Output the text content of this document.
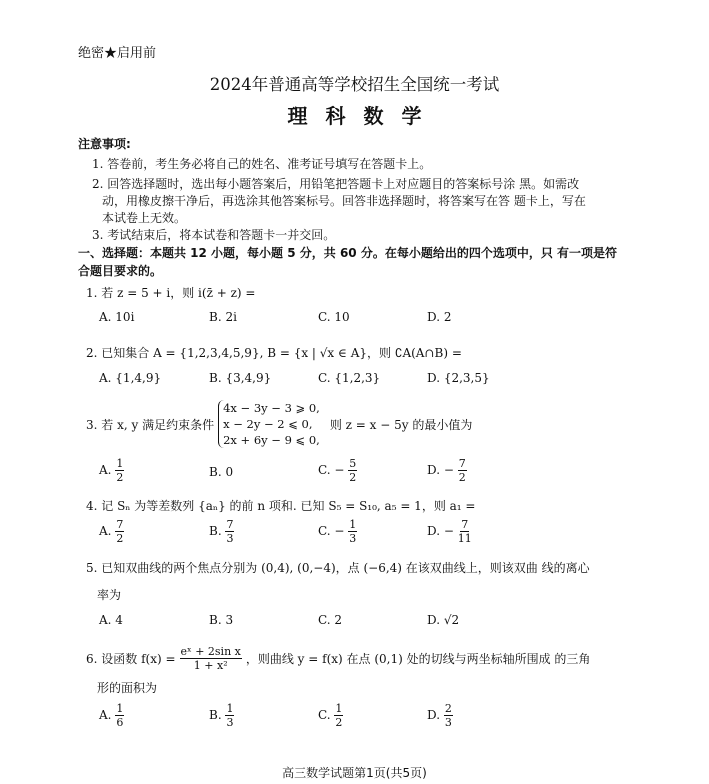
绝密★启用前
2024年普通高等学校招生全国统一考试
理科数学
注意事项:
1. 答卷前，考生务必将自己的姓名、准考证号填写在答题卡上。
2. 回答选择题时，选出每小题答案后，用铅笔把答题卡上对应题目的答案标号涂 黑。如需改
动，用橡皮擦干净后，再选涂其他答案标号。回答非选择题时，将答案写在答 题卡上，写在
本试卷上无效。
3. 考试结束后，将本试卷和答题卡一并交回。
一、选择题：本题共 12 小题，每小题 5 分，共 60 分。在每小题给出的四个选项中，只 有一项是符
合题目要求的。
1. 若 z = 5 + i，则 i(z̄ + z) =
A. 10i	B. 2i	C. 10	D. 2
2. 已知集合 A = {1,2,3,4,5,9}, B = {x | √x ∈ A}，则 ∁A(A∩B) =
A. {1,4,9}	B. {3,4,9}	C. {1,2,3}	D. {2,3,5}
3. 若 x, y 满足约束条件
4x − 3y − 3 ⩾ 0,
x − 2y − 2 ⩽ 0,
2x + 6y − 9 ⩽ 0,
则 z = x − 5y 的最小值为
A. $\frac{1}{2}$	B. 0	C. − $\frac{5}{2}$	D. − $\frac{7}{2}$
4. 记 Sₙ 为等差数列 {aₙ} 的前 n 项和. 已知 S₅ = S₁₀, a₅ = 1，则 a₁ =
A. $\frac{7}{2}$	B. $\frac{7}{3}$	C. − $\frac{1}{3}$	D. − $\frac{7}{11}$
5. 已知双曲线的两个焦点分别为 (0,4), (0,−4)，点 (−6,4) 在该双曲线上，则该双曲 线的离心
率为
A. 4	B. 3	C. 2	D. √2
6. 设函数 $f(x) = \frac{\text{eˣ + 2sin x}}{\text{1 + x²}}$ ，则曲线 y = f(x) 在点 (0,1) 处的切线与两坐标轴所围成 的三角
形的面积为
A. $\frac{1}{6}$	B. $\frac{1}{3}$	C. $\frac{1}{2}$	D. $\frac{2}{3}$
高三数学试题第1页(共5页)
